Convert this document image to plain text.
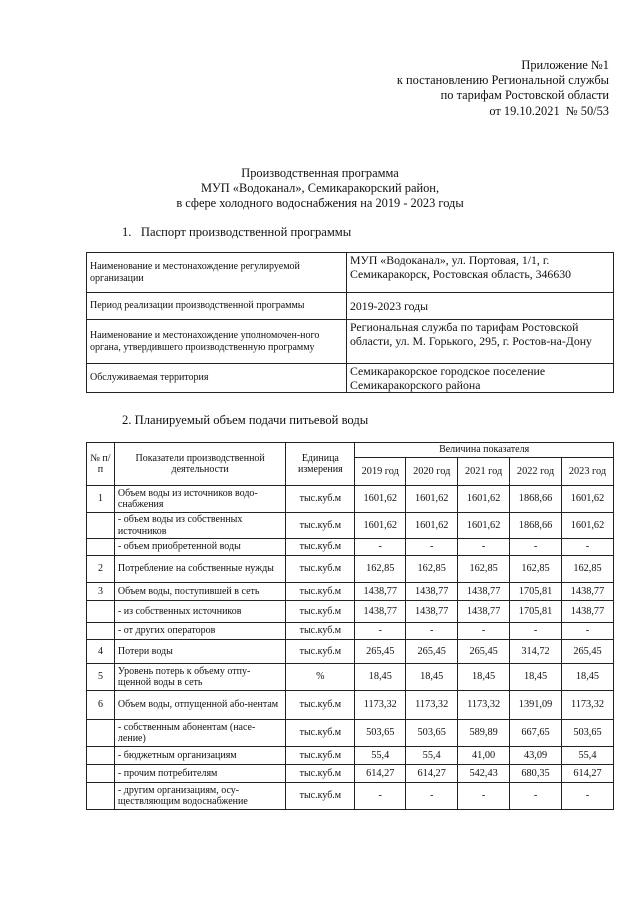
Приложение №1
к постановлению Региональной службы
по тарифам Ростовской области
от 19.10.2021  № 50/53
Производственная программа
МУП «Водоканал», Семикаракорский район,
в сфере холодного водоснабжения на 2019 - 2023 годы
1.   Паспорт производственной программы
Наименование и местонахождение регулируемой организации	МУП «Водоканал», ул. Портовая, 1/1, г. Семикаракорск, Ростовская область, 346630
Период реализации производственной программы	2019-2023 годы
Наименование и местонахождение уполномочен-ного органа, утвердившего производственную программу	Региональная служба по тарифам Ростовской области, ул. М. Горького, 295, г. Ростов-на-Дону
Обслуживаемая территория	Семикаракорское городское поселение Семикаракорского района
2. Планируемый объем подачи питьевой воды
№ п/п	Показатели производственной деятельности	Единица измерения	Величина показателя				
			2019 год	2020 год	2021 год	2022 год	2023 год
1	Объем воды из источников водо-снабжения	тыс.куб.м	1601,62	1601,62	1601,62	1868,66	1601,62
	- объем воды из собственных источников	тыс.куб.м	1601,62	1601,62	1601,62	1868,66	1601,62
	- объем приобретенной воды	тыс.куб.м	-	-	-	-	-
2	Потребление на собственные нужды	тыс.куб.м	162,85	162,85	162,85	162,85	162,85
3	Объем воды, поступившей в сеть	тыс.куб.м	1438,77	1438,77	1438,77	1705,81	1438,77
	- из собственных источников	тыс.куб.м	1438,77	1438,77	1438,77	1705,81	1438,77
	- от других операторов	тыс.куб.м	-	-	-	-	-
4	Потери воды	тыс.куб.м	265,45	265,45	265,45	314,72	265,45
5	Уровень потерь к объему отпу-щенной воды в сеть	%	18,45	18,45	18,45	18,45	18,45
6	Объем воды, отпущенной або-нентам	тыс.куб.м	1173,32	1173,32	1173,32	1391,09	1173,32
	- собственным абонентам (насе-ление)	тыс.куб.м	503,65	503,65	589,89	667,65	503,65
	- бюджетным организациям	тыс.куб.м	55,4	55,4	41,00	43,09	55,4
	- прочим потребителям	тыс.куб.м	614,27	614,27	542,43	680,35	614,27
	- другим организациям, осу-ществляющим водоснабжение	тыс.куб.м	-	-	-	-	-
